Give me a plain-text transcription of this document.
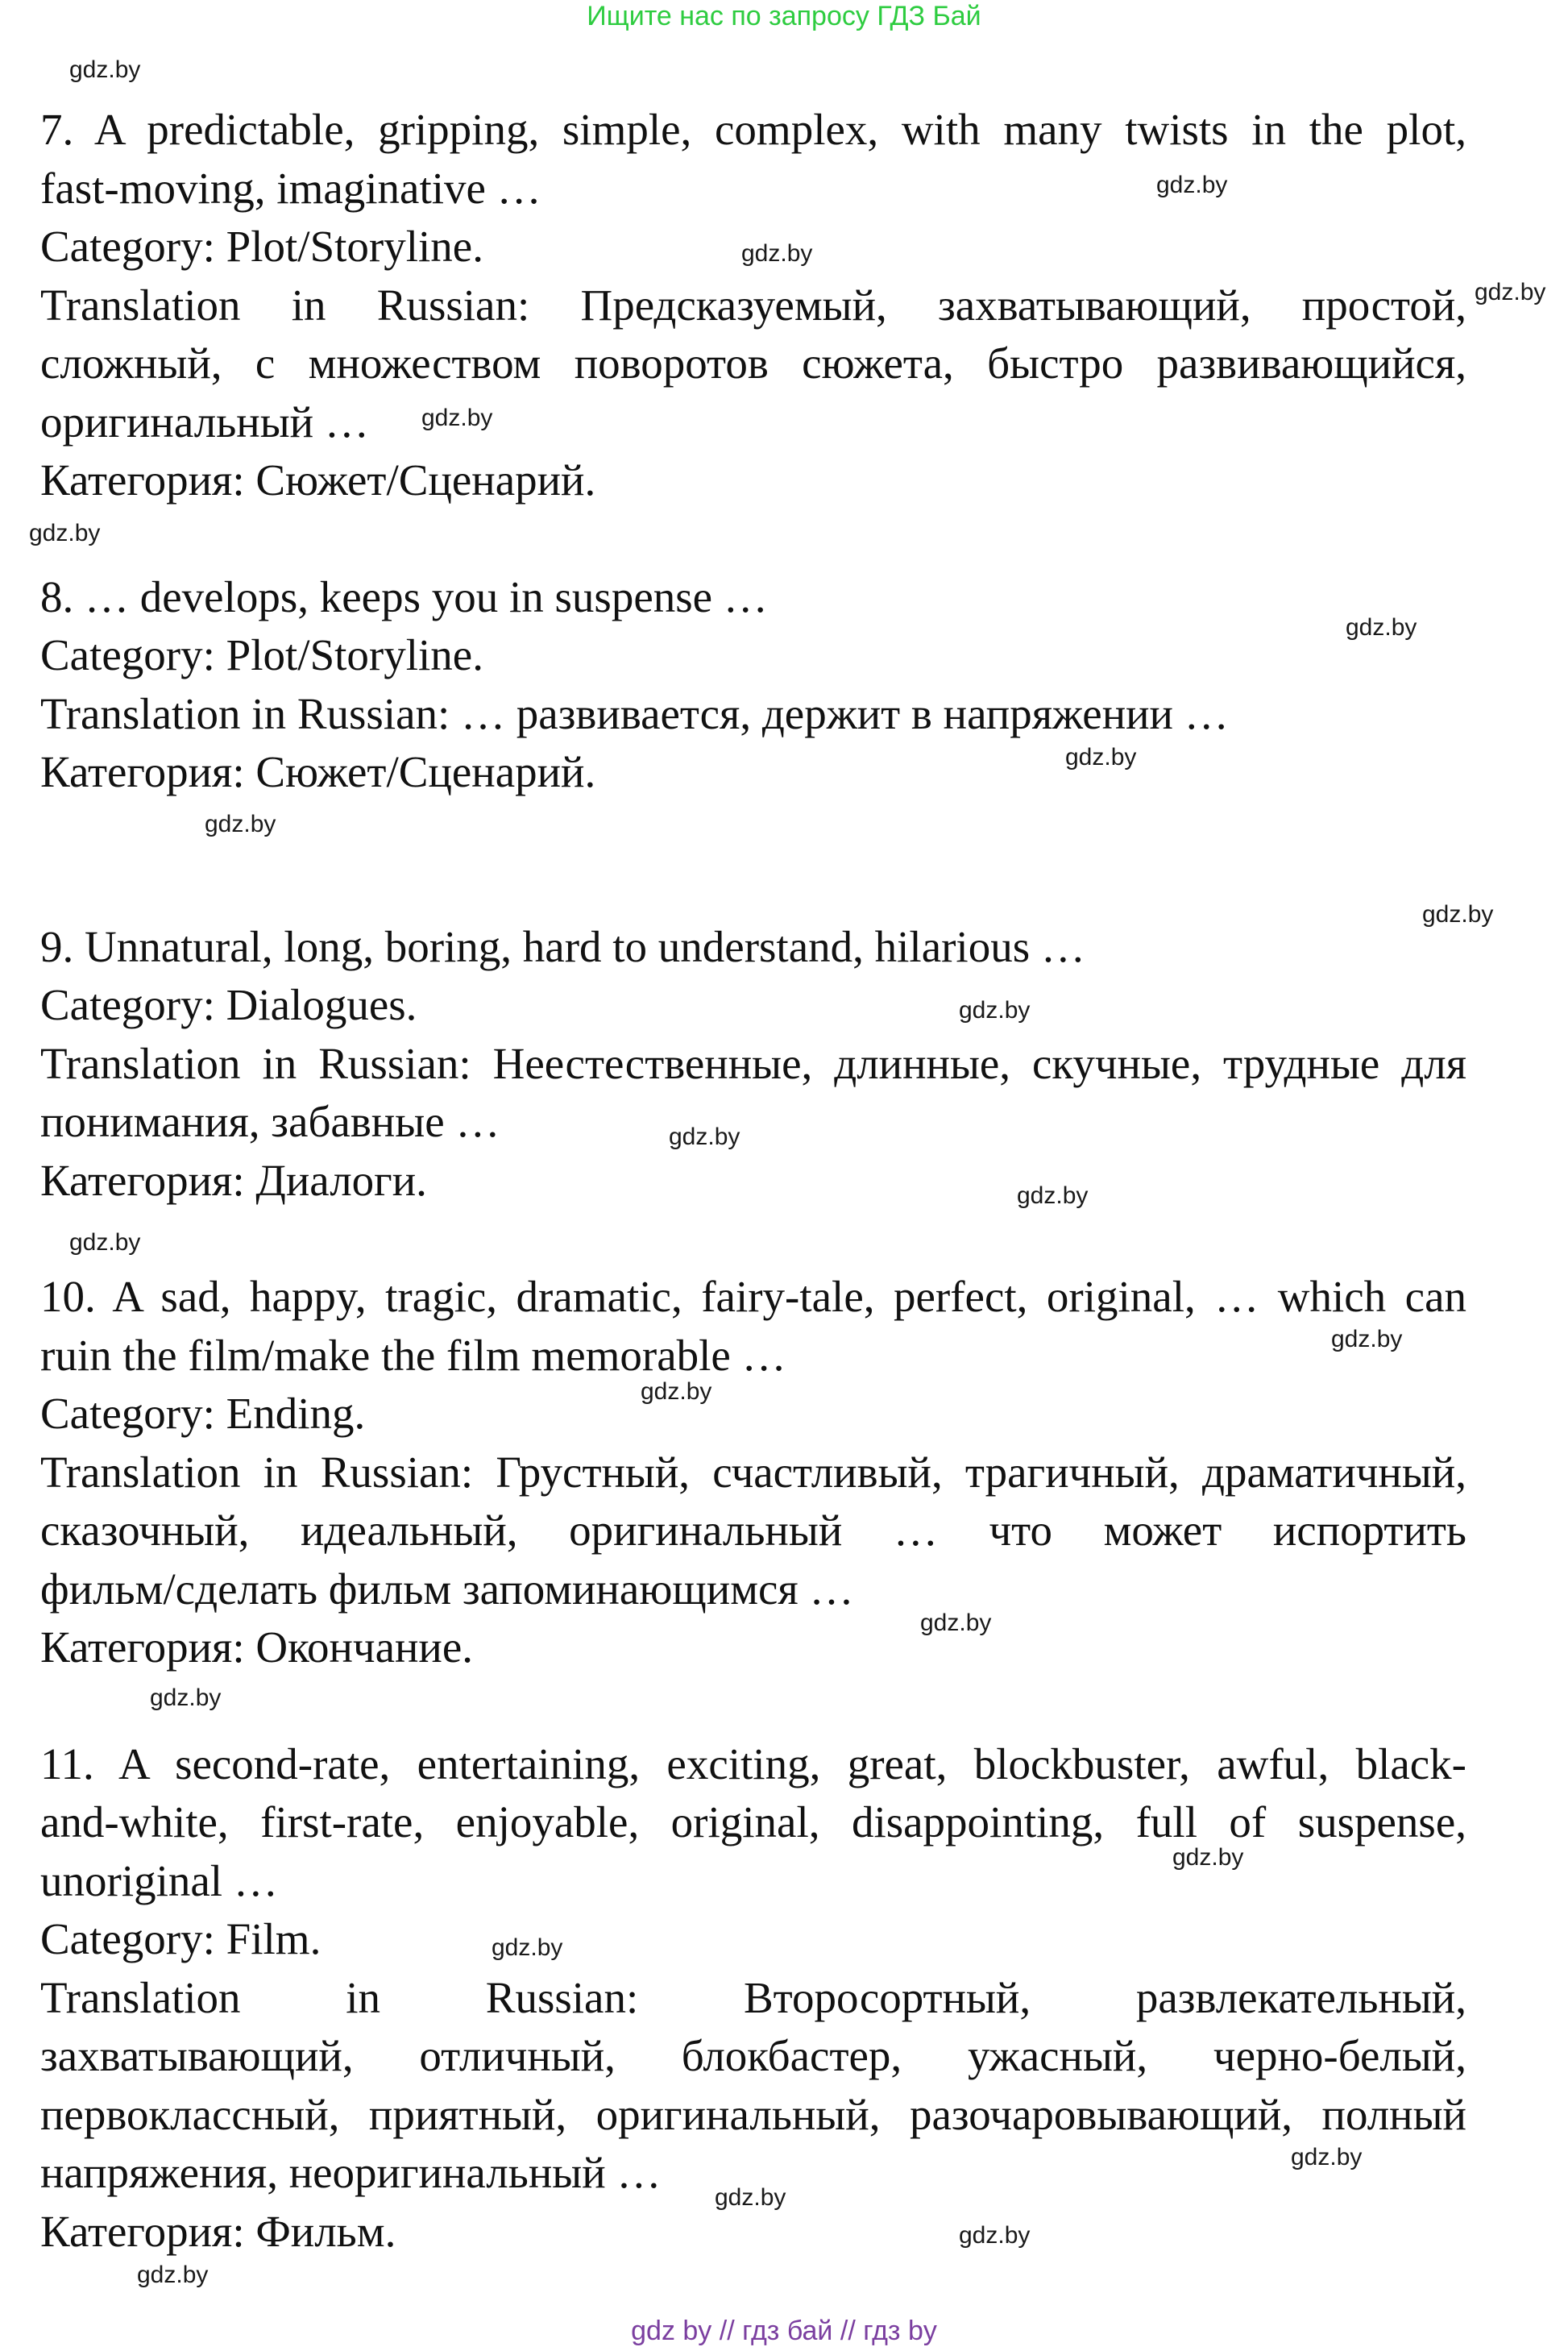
Ищите нас по запросу ГДЗ Бай

7. A predictable, gripping, simple, complex, with many twists in the plot,

fast-moving, imaginative …

Category: Plot/Storyline.

Translation in Russian: Предсказуемый, захватывающий, простой,

сложный, с множеством поворотов сюжета, быстро развивающийся,

оригинальный …

Категория: Сюжет/Сценарий.

8. … develops, keeps you in suspense …

Category: Plot/Storyline.

Translation in Russian: … развивается, держит в напряжении …

Категория: Сюжет/Сценарий.

9. Unnatural, long, boring, hard to understand, hilarious …

Category: Dialogues.

Translation in Russian: Неестественные, длинные, скучные, трудные для

понимания, забавные …

Категория: Диалоги.

10. A sad, happy, tragic, dramatic, fairy-tale, perfect, original, … which can

ruin the film/make the film memorable …

Category: Ending.

Translation in Russian: Грустный, счастливый, трагичный, драматичный,

сказочный, идеальный, оригинальный … что может испортить

фильм/сделать фильм запоминающимся …

Категория: Окончание.

11. A second-rate, entertaining, exciting, great, blockbuster, awful, black-

and-white, first-rate, enjoyable, original, disappointing, full of suspense,

unoriginal …

Category: Film.

Translation in Russian: Второсортный, развлекательный,

захватывающий, отличный, блокбастер, ужасный, черно-белый,

первоклассный, приятный, оригинальный, разочаровывающий, полный

напряжения, неоригинальный …

Категория: Фильм.

gdz.by
gdz.by
gdz.by
gdz.by
gdz.by
gdz.by
gdz.by
gdz.by
gdz.by
gdz.by
gdz.by
gdz.by
gdz.by
gdz.by
gdz.by
gdz.by
gdz.by
gdz.by
gdz.by
gdz.by
gdz.by
gdz.by
gdz.by
gdz.by
gdz by // гдз бай // гдз by
